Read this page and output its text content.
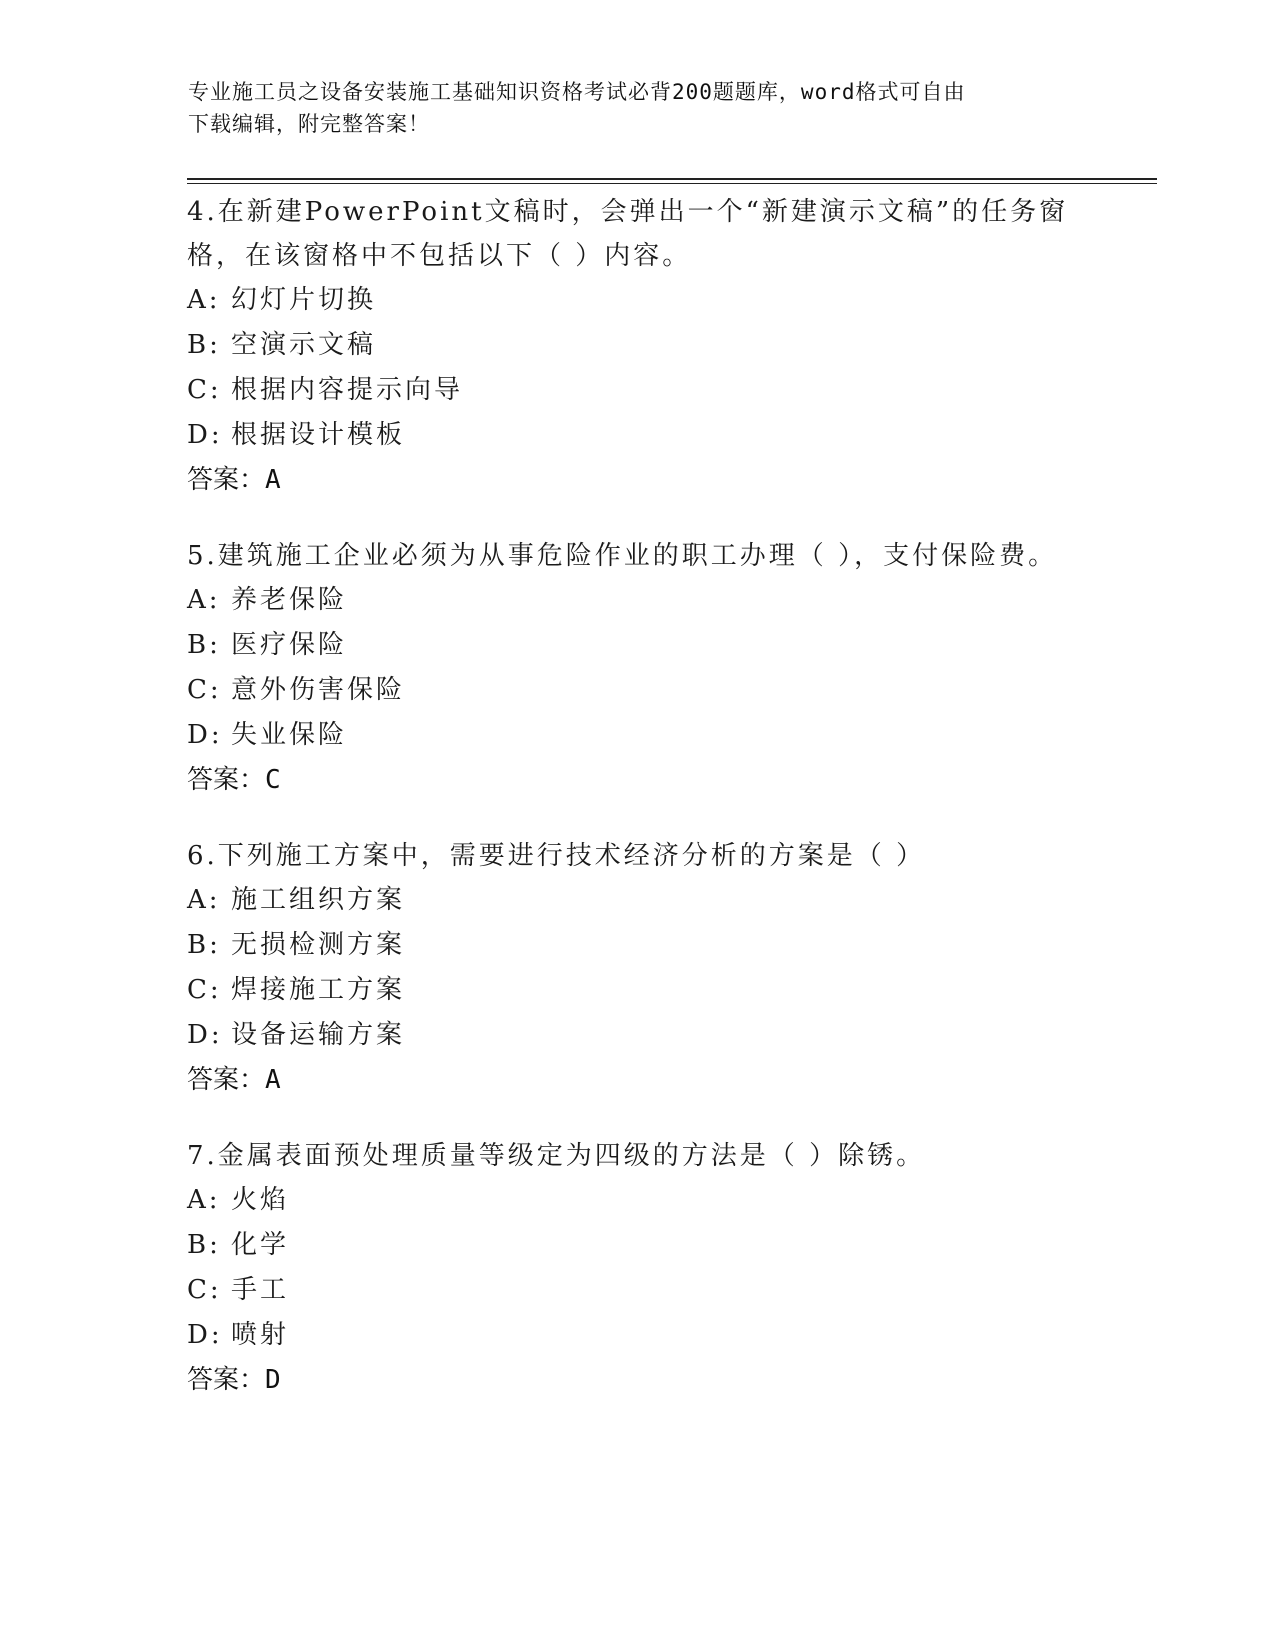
专业施工员之设备安装施工基础知识资格考试必背200题题库，word格式可自由
下载编辑，附完整答案！

4.在新建PowerPoint文稿时，会弹出一个“新建演示文稿”的任务窗格，在该窗格中不包括以下（ ）内容。

A: 幻灯片切换
B: 空演示文稿
C: 根据内容提示向导
D: 根据设计模板
答案：A

5.建筑施工企业必须为从事危险作业的职工办理（ ），支付保险费。

A: 养老保险
B: 医疗保险
C: 意外伤害保险
D: 失业保险
答案：C

6.下列施工方案中，需要进行技术经济分析的方案是（ ）

A: 施工组织方案
B: 无损检测方案
C: 焊接施工方案
D: 设备运输方案
答案：A

7.金属表面预处理质量等级定为四级的方法是（ ）除锈。

A: 火焰
B: 化学
C: 手工
D: 喷射
答案：D
